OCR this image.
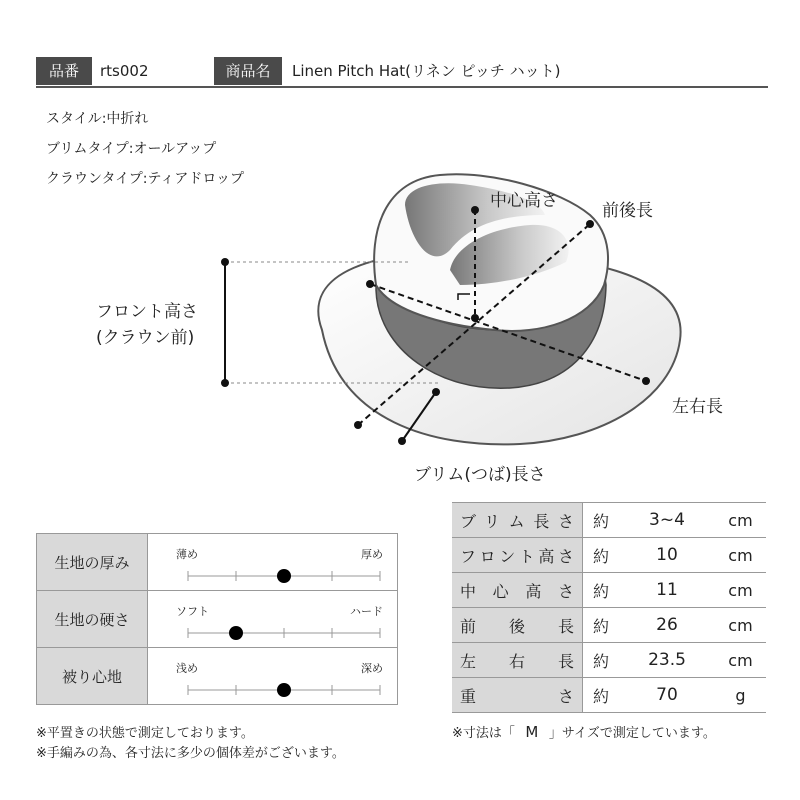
品番	rts002	商品名	Linen Pitch Hat(リネン ピッチ ハット)
スタイル:中折れ
ブリムタイプ:オールアップ
クラウンタイプ:ティアドロップ
中心高さ	前後長
フロント高さ
(クラウン前)
左右長
ブリム(つば)長さ
ブリム長さ	約	3~4	cm
フロント高さ	約	10	cm
中心高さ	約	11	cm
前後長	約	26	cm
左右長	約	23.5	cm
重さ	約	70	g
生地の厚み	薄め 厚め

生地の硬さ	ソフト ハード

被り心地	浅め 深め
※平置きの状態で測定しております。
※手編みの為、各寸法に多少の個体差がございます。
※寸法は「 M 」サイズで測定しています。
